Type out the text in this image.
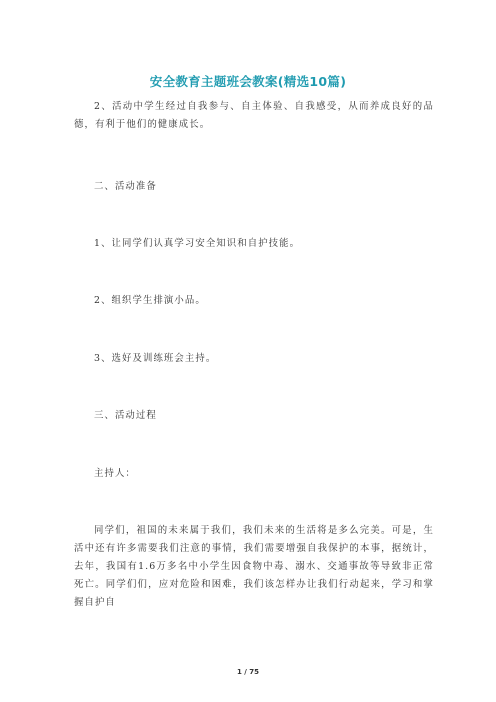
安全教育主题班会教案(精选10篇)

2、活动中学生经过自我参与、自主体验、自我感受，从而养成良好的品德，有利于他们的健康成长。

二、活动准备

1、让同学们认真学习安全知识和自护技能。

2、组织学生排演小品。

3、选好及训练班会主持。

三、活动过程

主持人：

同学们，祖国的未来属于我们，我们未来的生活将是多么完美。可是，生活中还有许多需要我们注意的事情，我们需要增强自我保护的本事，据统计，去年，我国有1.6万多名中小学生因食物中毒、溺水、交通事故等导致非正常死亡。同学们们，应对危险和困难，我们该怎样办让我们行动起来，学习和掌握自护自

1 / 75
